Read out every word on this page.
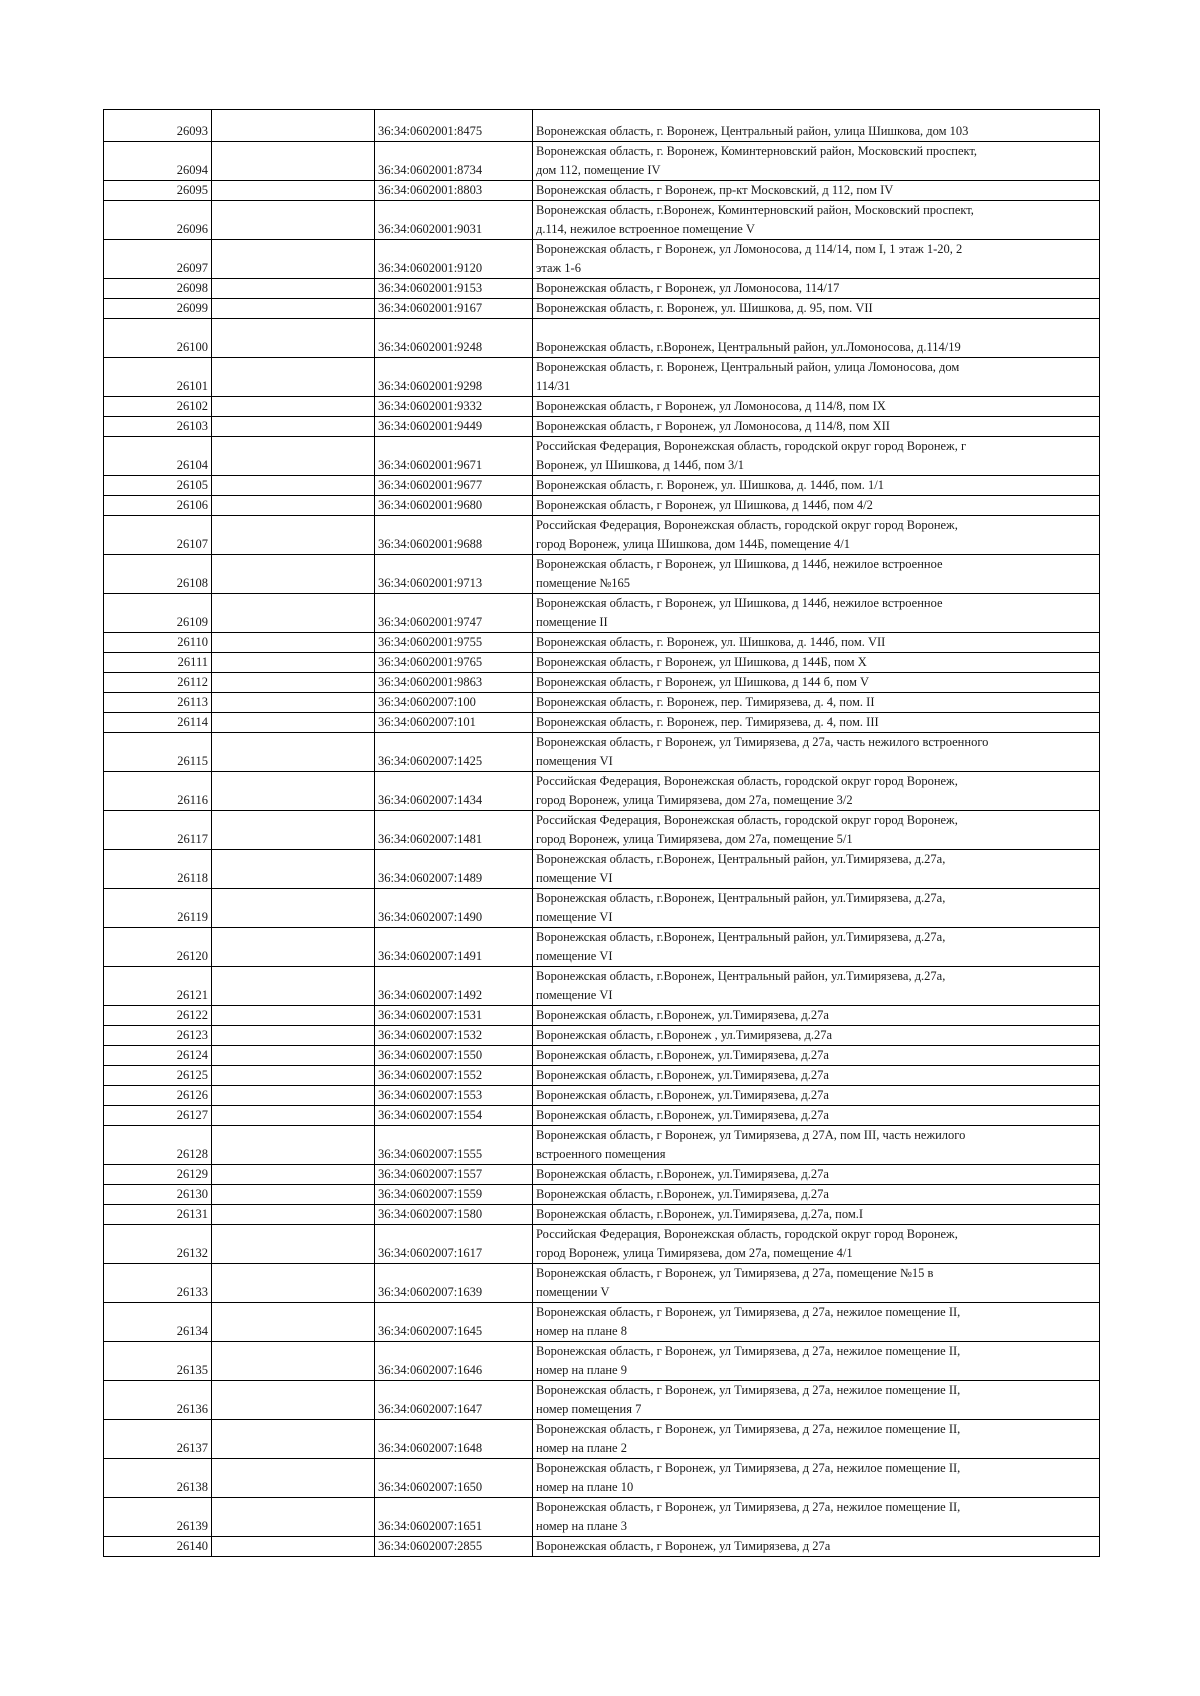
26093		36:34:0602001:8475	Воронежская область, г. Воронеж, Центральный район, улица Шишкова, дом 103

26094		36:34:0602001:8734	Воронежская область, г. Воронеж, Коминтерновский район, Московский проспект,
дом 112, помещение IV

26095		36:34:0602001:8803	Воронежская область, г Воронеж, пр-кт Московский, д 112, пом IV

26096		36:34:0602001:9031	Воронежская область, г.Воронеж, Коминтерновский район, Московский проспект,
д.114, нежилое встроенное помещение V

26097		36:34:0602001:9120	Воронежская область, г Воронеж, ул Ломоносова, д 114/14, пом I, 1 этаж 1-20, 2
этаж 1-6

26098		36:34:0602001:9153	Воронежская область, г Воронеж, ул Ломоносова, 114/17

26099		36:34:0602001:9167	Воронежская область, г. Воронеж, ул. Шишкова, д. 95, пом. VII

26100		36:34:0602001:9248	Воронежская область, г.Воронеж, Центральный район, ул.Ломоносова, д.114/19

26101		36:34:0602001:9298	Воронежская область, г. Воронеж, Центральный район, улица Ломоносова, дом
114/31

26102		36:34:0602001:9332	Воронежская область, г Воронеж, ул Ломоносова, д 114/8, пом IX

26103		36:34:0602001:9449	Воронежская область, г Воронеж, ул Ломоносова, д 114/8, пом XII

26104		36:34:0602001:9671	Российская Федерация, Воронежская область, городской округ город Воронеж, г
Воронеж, ул Шишкова, д 144б, пом 3/1

26105		36:34:0602001:9677	Воронежская область, г. Воронеж, ул. Шишкова, д. 144б, пом. 1/1

26106		36:34:0602001:9680	Воронежская область, г Воронеж, ул Шишкова, д 144б, пом 4/2

26107		36:34:0602001:9688	Российская Федерация, Воронежская область, городской округ город Воронеж,
город Воронеж, улица Шишкова, дом 144Б, помещение 4/1

26108		36:34:0602001:9713	Воронежская область, г Воронеж, ул Шишкова, д 144б, нежилое встроенное
помещение №165

26109		36:34:0602001:9747	Воронежская область, г Воронеж, ул Шишкова, д 144б, нежилое встроенное
помещение II

26110		36:34:0602001:9755	Воронежская область, г. Воронеж, ул. Шишкова, д. 144б, пом. VII

26111		36:34:0602001:9765	Воронежская область, г Воронеж, ул Шишкова, д 144Б, пом X

26112		36:34:0602001:9863	Воронежская область, г Воронеж, ул Шишкова, д 144 б, пом V

26113		36:34:0602007:100	Воронежская область, г. Воронеж, пер. Тимирязева, д. 4, пом. II

26114		36:34:0602007:101	Воронежская область, г. Воронеж, пер. Тимирязева, д. 4, пом. III

26115		36:34:0602007:1425	Воронежская область, г Воронеж, ул Тимирязева, д 27а, часть нежилого встроенного
помещения VI

26116		36:34:0602007:1434	Российская Федерация, Воронежская область, городской округ город Воронеж,
город Воронеж, улица Тимирязева, дом 27а, помещение 3/2

26117		36:34:0602007:1481	Российская Федерация, Воронежская область, городской округ город Воронеж,
город Воронеж, улица Тимирязева, дом 27а, помещение 5/1

26118		36:34:0602007:1489	Воронежская область, г.Воронеж, Центральный район, ул.Тимирязева, д.27а,
помещение VI

26119		36:34:0602007:1490	Воронежская область, г.Воронеж, Центральный район, ул.Тимирязева, д.27а,
помещение VI

26120		36:34:0602007:1491	Воронежская область, г.Воронеж, Центральный район, ул.Тимирязева, д.27а,
помещение VI

26121		36:34:0602007:1492	Воронежская область, г.Воронеж, Центральный район, ул.Тимирязева, д.27а,
помещение VI

26122		36:34:0602007:1531	Воронежская область, г.Воронеж, ул.Тимирязева, д.27а

26123		36:34:0602007:1532	Воронежская область, г.Воронеж , ул.Тимирязева, д.27а

26124		36:34:0602007:1550	Воронежская область, г.Воронеж, ул.Тимирязева, д.27а

26125		36:34:0602007:1552	Воронежская область, г.Воронеж, ул.Тимирязева, д.27а

26126		36:34:0602007:1553	Воронежская область, г.Воронеж, ул.Тимирязева, д.27а

26127		36:34:0602007:1554	Воронежская область, г.Воронеж, ул.Тимирязева, д.27а

26128		36:34:0602007:1555	Воронежская область, г Воронеж, ул Тимирязева, д 27А, пом III, часть нежилого
встроенного помещения

26129		36:34:0602007:1557	Воронежская область, г.Воронеж, ул.Тимирязева, д.27а

26130		36:34:0602007:1559	Воронежская область, г.Воронеж, ул.Тимирязева, д.27а

26131		36:34:0602007:1580	Воронежская область, г.Воронеж, ул.Тимирязева, д.27а, пом.I

26132		36:34:0602007:1617	Российская Федерация, Воронежская область, городской округ город Воронеж,
город Воронеж, улица Тимирязева, дом 27а, помещение 4/1

26133		36:34:0602007:1639	Воронежская область, г Воронеж, ул Тимирязева, д 27а, помещение №15 в
помещении V

26134		36:34:0602007:1645	Воронежская область, г Воронеж, ул Тимирязева, д 27а, нежилое помещение II,
номер на плане 8

26135		36:34:0602007:1646	Воронежская область, г Воронеж, ул Тимирязева, д 27а, нежилое помещение II,
номер на плане 9

26136		36:34:0602007:1647	Воронежская область, г Воронеж, ул Тимирязева, д 27а, нежилое помещение II,
номер помещения 7

26137		36:34:0602007:1648	Воронежская область, г Воронеж, ул Тимирязева, д 27а, нежилое помещение II,
номер на плане 2

26138		36:34:0602007:1650	Воронежская область, г Воронеж, ул Тимирязева, д 27а, нежилое помещение II,
номер на плане 10

26139		36:34:0602007:1651	Воронежская область, г Воронеж, ул Тимирязева, д 27а, нежилое помещение II,
номер на плане 3

26140		36:34:0602007:2855	Воронежская область, г Воронеж, ул Тимирязева, д 27а
